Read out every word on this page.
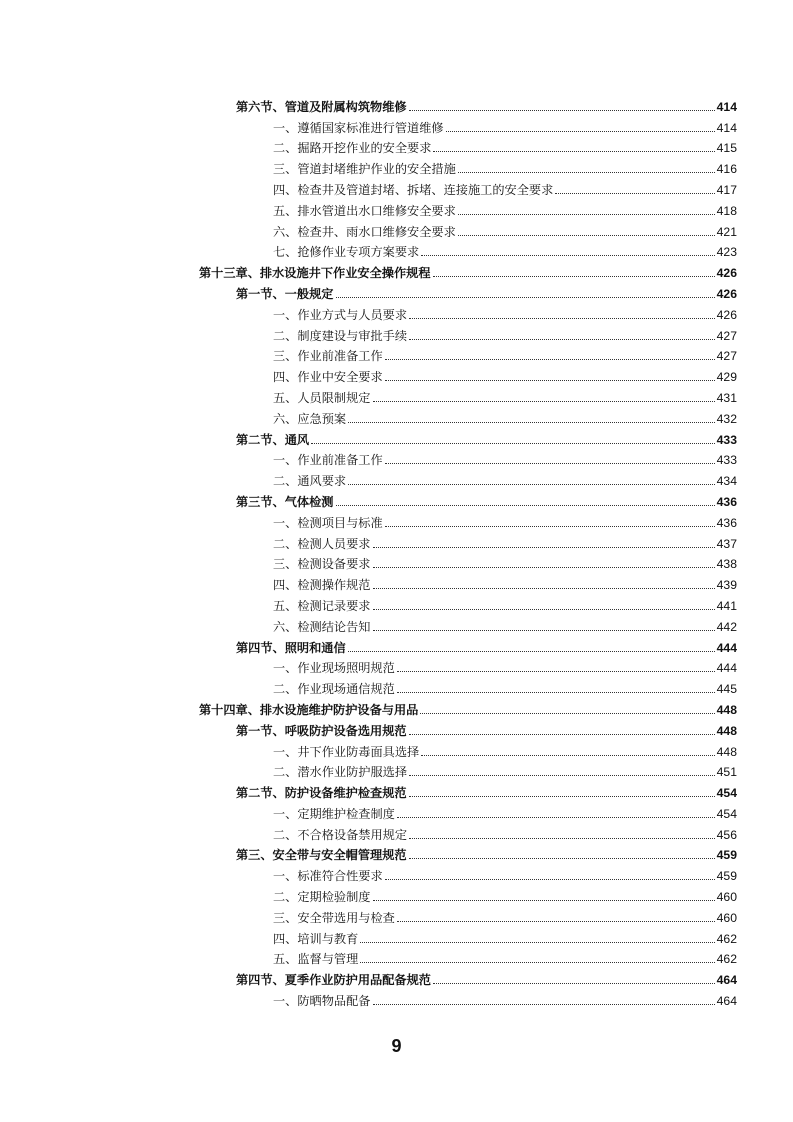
第六节、管道及附属构筑物维修	414
一、遵循国家标准进行管道维修	414
二、掘路开挖作业的安全要求	415
三、管道封堵维护作业的安全措施	416
四、检查井及管道封堵、拆堵、连接施工的安全要求	417
五、排水管道出水口维修安全要求	418
六、检查井、雨水口维修安全要求	421
七、抢修作业专项方案要求	423
第十三章、排水设施井下作业安全操作规程	426
第一节、一般规定	426
一、作业方式与人员要求	426
二、制度建设与审批手续	427
三、作业前准备工作	427
四、作业中安全要求	429
五、人员限制规定	431
六、应急预案	432
第二节、通风	433
一、作业前准备工作	433
二、通风要求	434
第三节、气体检测	436
一、检测项目与标准	436
二、检测人员要求	437
三、检测设备要求	438
四、检测操作规范	439
五、检测记录要求	441
六、检测结论告知	442
第四节、照明和通信	444
一、作业现场照明规范	444
二、作业现场通信规范	445
第十四章、排水设施维护防护设备与用品	448
第一节、呼吸防护设备选用规范	448
一、井下作业防毒面具选择	448
二、潜水作业防护服选择	451
第二节、防护设备维护检查规范	454
一、定期维护检查制度	454
二、不合格设备禁用规定	456
第三、安全带与安全帽管理规范	459
一、标准符合性要求	459
二、定期检验制度	460
三、安全带选用与检查	460
四、培训与教育	462
五、监督与管理	462
第四节、夏季作业防护用品配备规范	464
一、防晒物品配备	464
9
